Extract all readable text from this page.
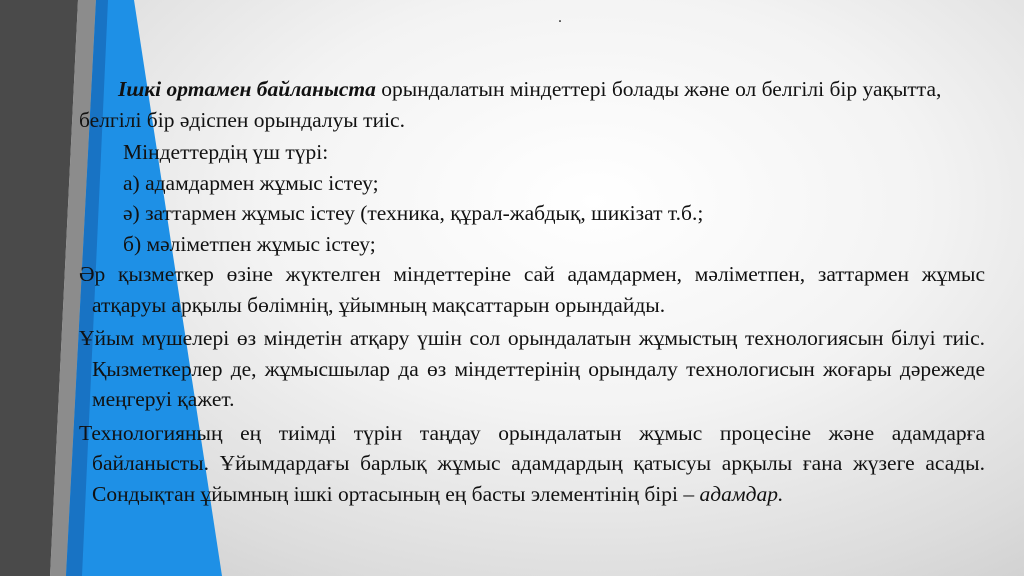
.

Ішкі ортамен байланыста орындалатын міндеттері болады және ол белгілі бір уақытта, белгілі бір әдіспен орындалуы тиіс.

Міндеттердің үш түрі:
а) адамдармен жұмыс істеу;
ә) заттармен жұмыс істеу (техника, құрал-жабдық, шикізат т.б.;
б) мәліметпен жұмыс істеу;

Әр қызметкер өзіне жүктелген міндеттеріне сай адамдармен, мәліметпен, заттармен жұмыс атқаруы арқылы бөлімнің, ұйымның мақсаттарын орындайды.

Ұйым мүшелері өз міндетін атқару үшін сол орындалатын жұмыстың технологиясын білуі тиіс. Қызметкерлер де, жұмысшылар да өз міндеттерінің орындалу технологисын жоғары дәрежеде меңгеруі қажет.

Технологияның ең тиімді түрін таңдау орындалатын жұмыс процесіне және адамдарға байланысты. Ұйымдардағы барлық жұмыс адамдардың қатысуы арқылы ғана жүзеге асады. Сондықтан ұйымның ішкі ортасының ең басты элементінің бірі – адамдар.
